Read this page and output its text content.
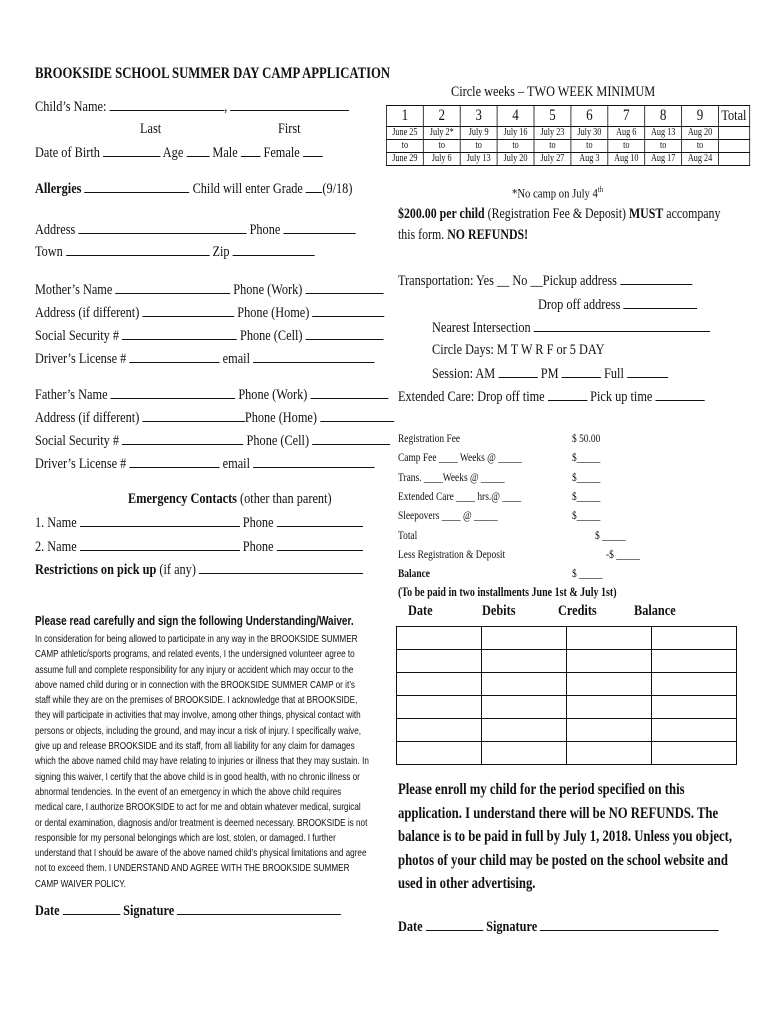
BROOKSIDE SCHOOL SUMMER DAY CAMP APPLICATION
Child’s Name:	,
Last	First
Date of Birth	Age Male Female
Allergies	Child will enter Grade (9/18)
Address	Phone
Town	Zip
Mother’s Name	Phone (Work)
Address (if different)	Phone (Home)
Social Security #	Phone (Cell)
Driver’s License #	email
Father’s Name	Phone (Work)
Address (if different)	Phone (Home)
Social Security #	Phone (Cell)
Driver’s License #	email
Emergency Contacts (other than parent)
1. Name	Phone
2. Name	Phone
Restrictions on pick up (if any)
Please read carefully and sign the following Understanding/Waiver.
In consideration for being allowed to participate in any way in the BROOKSIDE SUMMER CAMP athletic/sports programs, and related events, I the undersigned volunteer agree to assume full and complete responsibility for any injury or accident which may occur to the above named child during or in connection with the BROOKSIDE SUMMER CAMP or it’s staff while they are on the premises of BROOKSIDE. I acknowledge that at BROOKSIDE, they will participate in activities that may involve, among other things, physical contact with persons or objects, including the ground, and may incur a risk of injury. I specifically waive, give up and release BROOKSIDE and its staff, from all liability for any claim for damages which the above named child may have relating to injuries or illness that they may sustain. In signing this waiver, I certify that the above child is in good health, with no chronic illness or abnormal tendencies. In the event of an emergency in which the above child requires medical care, I authorize BROOKSIDE to act for me and obtain whatever medical, surgical or dental examination, diagnosis and/or treatment is deemed necessary. BROOKSIDE is not responsible for my personal belongings which are lost, stolen, or damaged. I further understand that I should be aware of the above named child’s physical limitations and agree not to exceed them. I UNDERSTAND AND AGREE WITH THE BROOKSIDE SUMMER CAMP WAIVER POLICY.
Date	Signature
Circle weeks – TWO WEEK MINIMUM
1	2	3	4	5	6	7	8	9	Total
June 25	July 2*	July 9	July 16	July 23	July 30	Aug 6	Aug 13	Aug 20	
to	to	to	to	to	to	to	to	to	
June 29	July 6	July 13	July 20	July 27	Aug 3	Aug 10	Aug 17	Aug 24	
*No camp on July 4th
$200.00 per child (Registration Fee & Deposit) MUST accompany
this form. NO REFUNDS!
Transportation: Yes __ No __Pickup address
Drop off address
Nearest Intersection
Circle Days: M T W R F or 5 DAY
Session: AM	PM	Full
Extended Care: Drop off time	Pick up time
Registration Fee	$ 50.00
Camp Fee ____ Weeks @ _____	$_____
Trans. ____Weeks @ _____	$_____
Extended Care ____ hrs.@ ____	$_____
Sleepovers ____ @ _____	$_____
Total	$ _____
Less Registration & Deposit	-$ _____
Balance	$ _____
(To be paid in two installments June 1st & July 1st)
Date	Debits	Credits Balance

Please enroll my child for the period specified on this application. I understand there will be NO REFUNDS. The balance is to be paid in full by July 1, 2018. Unless you object, photos of your child may be posted on the school website and used in other advertising.
Date	Signature
